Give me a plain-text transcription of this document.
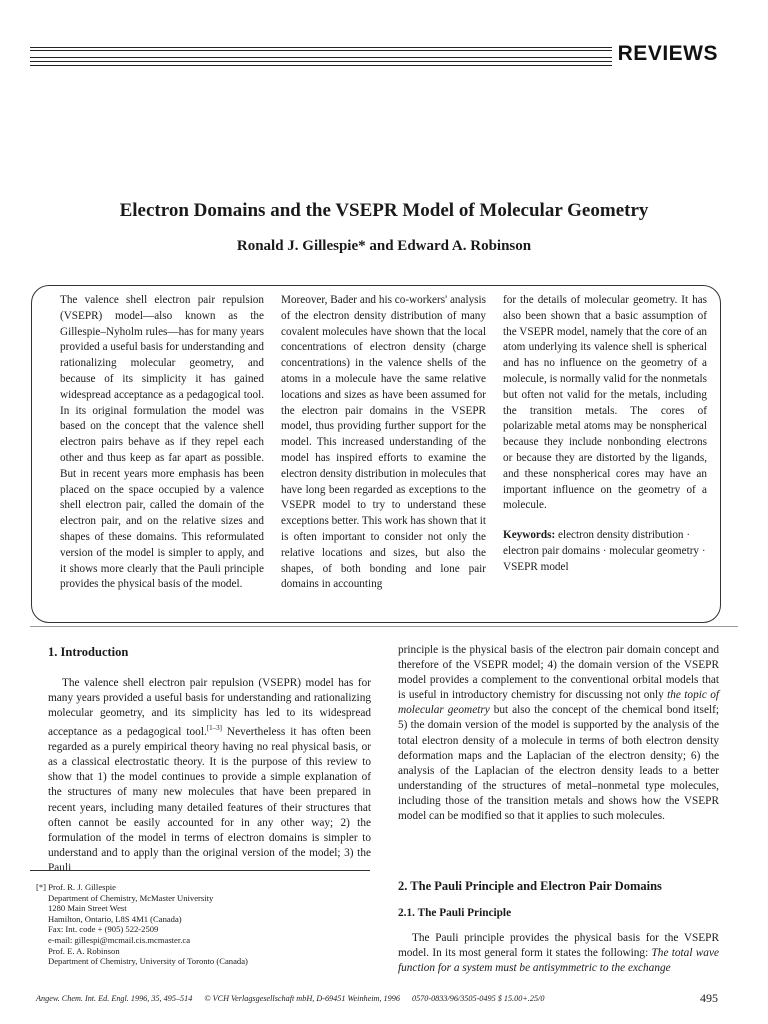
REVIEWS
Electron Domains and the VSEPR Model of Molecular Geometry
Ronald J. Gillespie* and Edward A. Robinson
The valence shell electron pair repulsion (VSEPR) model—also known as the Gillespie–Nyholm rules—has for many years provided a useful basis for understanding and rationalizing molecular geometry, and because of its simplicity it has gained widespread acceptance as a pedagogical tool. In its original formulation the model was based on the concept that the valence shell electron pairs behave as if they repel each other and thus keep as far apart as possible. But in recent years more emphasis has been placed on the space occupied by a valence shell electron pair, called the domain of the electron pair, and on the relative sizes and shapes of these domains. This reformulated version of the model is simpler to apply, and it shows more clearly that the Pauli principle provides the physical basis of the model.
Moreover, Bader and his co-workers' analysis of the electron density distribution of many covalent molecules have shown that the local concentrations of electron density (charge concentrations) in the valence shells of the atoms in a molecule have the same relative locations and sizes as have been assumed for the electron pair domains in the VSEPR model, thus providing further support for the model. This increased understanding of the model has inspired efforts to examine the electron density distribution in molecules that have long been regarded as exceptions to the VSEPR model to try to understand these exceptions better. This work has shown that it is often important to consider not only the relative locations and sizes, but also the shapes, of both bonding and lone pair domains in accounting
for the details of molecular geometry. It has also been shown that a basic assumption of the VSEPR model, namely that the core of an atom underlying its valence shell is spherical and has no influence on the geometry of a molecule, is normally valid for the nonmetals but often not valid for the metals, including the transition metals. The cores of polarizable metal atoms may be nonspherical because they include nonbonding electrons or because they are distorted by the ligands, and these nonspherical cores may have an important influence on the geometry of a molecule.
Keywords: electron density distribution · electron pair domains · molecular geometry · VSEPR model
1. Introduction
The valence shell electron pair repulsion (VSEPR) model has for many years provided a useful basis for understanding and rationalizing molecular geometry, and its simplicity has led to its widespread acceptance as a pedagogical tool.[1–3] Nevertheless it has often been regarded as a purely empirical theory having no real physical basis, or as a classical electrostatic theory. It is the purpose of this review to show that 1) the model continues to provide a simple explanation of the structures of many new molecules that have been prepared in recent years, including many detailed features of their structures that often cannot be easily accounted for in any other way; 2) the formulation of the model in terms of electron domains is simpler to understand and to apply than the original version of the model; 3) the Pauli
principle is the physical basis of the electron pair domain concept and therefore of the VSEPR model; 4) the domain version of the VSEPR model provides a complement to the conventional orbital models that is useful in introductory chemistry for discussing not only the topic of molecular geometry but also the concept of the chemical bond itself; 5) the domain version of the model is supported by the analysis of the total electron density of a molecule in terms of both electron density deformation maps and the Laplacian of the electron density; 6) the analysis of the Laplacian of the electron density leads to a better understanding of the structures of metal–nonmetal type molecules, including those of the transition metals and shows how the VSEPR model can be modified so that it applies to such molecules.
[*] Prof. R. J. Gillespie
Department of Chemistry, McMaster University
1280 Main Street West
Hamilton, Ontario, L8S 4M1 (Canada)
Fax: Int. code + (905) 522-2509
e-mail: gillespi@mcmail.cis.mcmaster.ca
Prof. E. A. Robinson
Department of Chemistry, University of Toronto (Canada)
2. The Pauli Principle and Electron Pair Domains
2.1. The Pauli Principle
The Pauli principle provides the physical basis for the VSEPR model. In its most general form it states the following: The total wave function for a system must be antisymmetric to the exchange
Angew. Chem. Int. Ed. Engl. 1996, 35, 495–514 © VCH Verlagsgesellschaft mbH, D-69451 Weinheim, 1996 0570-0833/96/3505-0495 $ 15.00+.25/0	495
